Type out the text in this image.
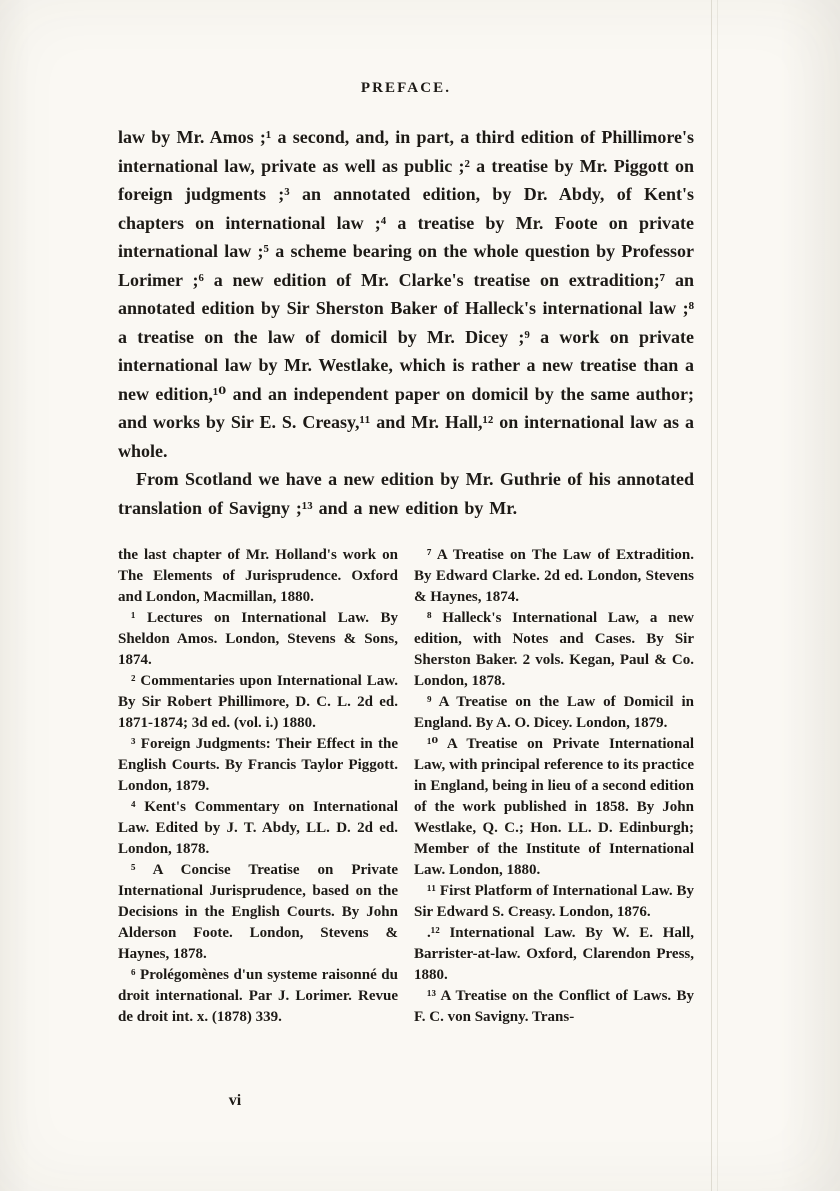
PREFACE.

law by Mr. Amos ;¹ a second, and, in part, a third edition of Phillimore's international law, private as well as public ;² a treatise by Mr. Piggott on foreign judgments ;³ an annotated edition, by Dr. Abdy, of Kent's chapters on international law ;⁴ a treatise by Mr. Foote on private international law ;⁵ a scheme bearing on the whole question by Professor Lorimer ;⁶ a new edition of Mr. Clarke's treatise on extradition;⁷ an annotated edition by Sir Sherston Baker of Halleck's international law ;⁸ a treatise on the law of domicil by Mr. Dicey ;⁹ a work on private international law by Mr. Westlake, which is rather a new treatise than a new edition,¹⁰ and an independent paper on domicil by the same author; and works by Sir E. S. Creasy,¹¹ and Mr. Hall,¹² on international law as a whole.

From Scotland we have a new edition by Mr. Guthrie of his annotated translation of Savigny ;¹³ and a new edition by Mr.

the last chapter of Mr. Holland's work on The Elements of Jurisprudence. Oxford and London, Macmillan, 1880.

¹ Lectures on International Law. By Sheldon Amos. London, Stevens & Sons, 1874.

² Commentaries upon International Law. By Sir Robert Phillimore, D. C. L. 2d ed. 1871-1874; 3d ed. (vol. i.) 1880.

³ Foreign Judgments: Their Effect in the English Courts. By Francis Taylor Piggott. London, 1879.

⁴ Kent's Commentary on International Law. Edited by J. T. Abdy, LL. D. 2d ed. London, 1878.

⁵ A Concise Treatise on Private International Jurisprudence, based on the Decisions in the English Courts. By John Alderson Foote. London, Stevens & Haynes, 1878.

⁶ Prolégomènes d'un systeme raisonné du droit international. Par J. Lorimer. Revue de droit int. x. (1878) 339.

⁷ A Treatise on The Law of Extradition. By Edward Clarke. 2d ed. London, Stevens & Haynes, 1874.

⁸ Halleck's International Law, a new edition, with Notes and Cases. By Sir Sherston Baker. 2 vols. Kegan, Paul & Co. London, 1878.

⁹ A Treatise on the Law of Domicil in England. By A. O. Dicey. London, 1879.

¹⁰ A Treatise on Private International Law, with principal reference to its practice in England, being in lieu of a second edition of the work published in 1858. By John Westlake, Q. C.; Hon. LL. D. Edinburgh; Member of the Institute of International Law. London, 1880.

¹¹ First Platform of International Law. By Sir Edward S. Creasy. London, 1876.

.¹² International Law. By W. E. Hall, Barrister-at-law. Oxford, Clarendon Press, 1880.

¹³ A Treatise on the Conflict of Laws. By F. C. von Savigny. Trans-

vi
